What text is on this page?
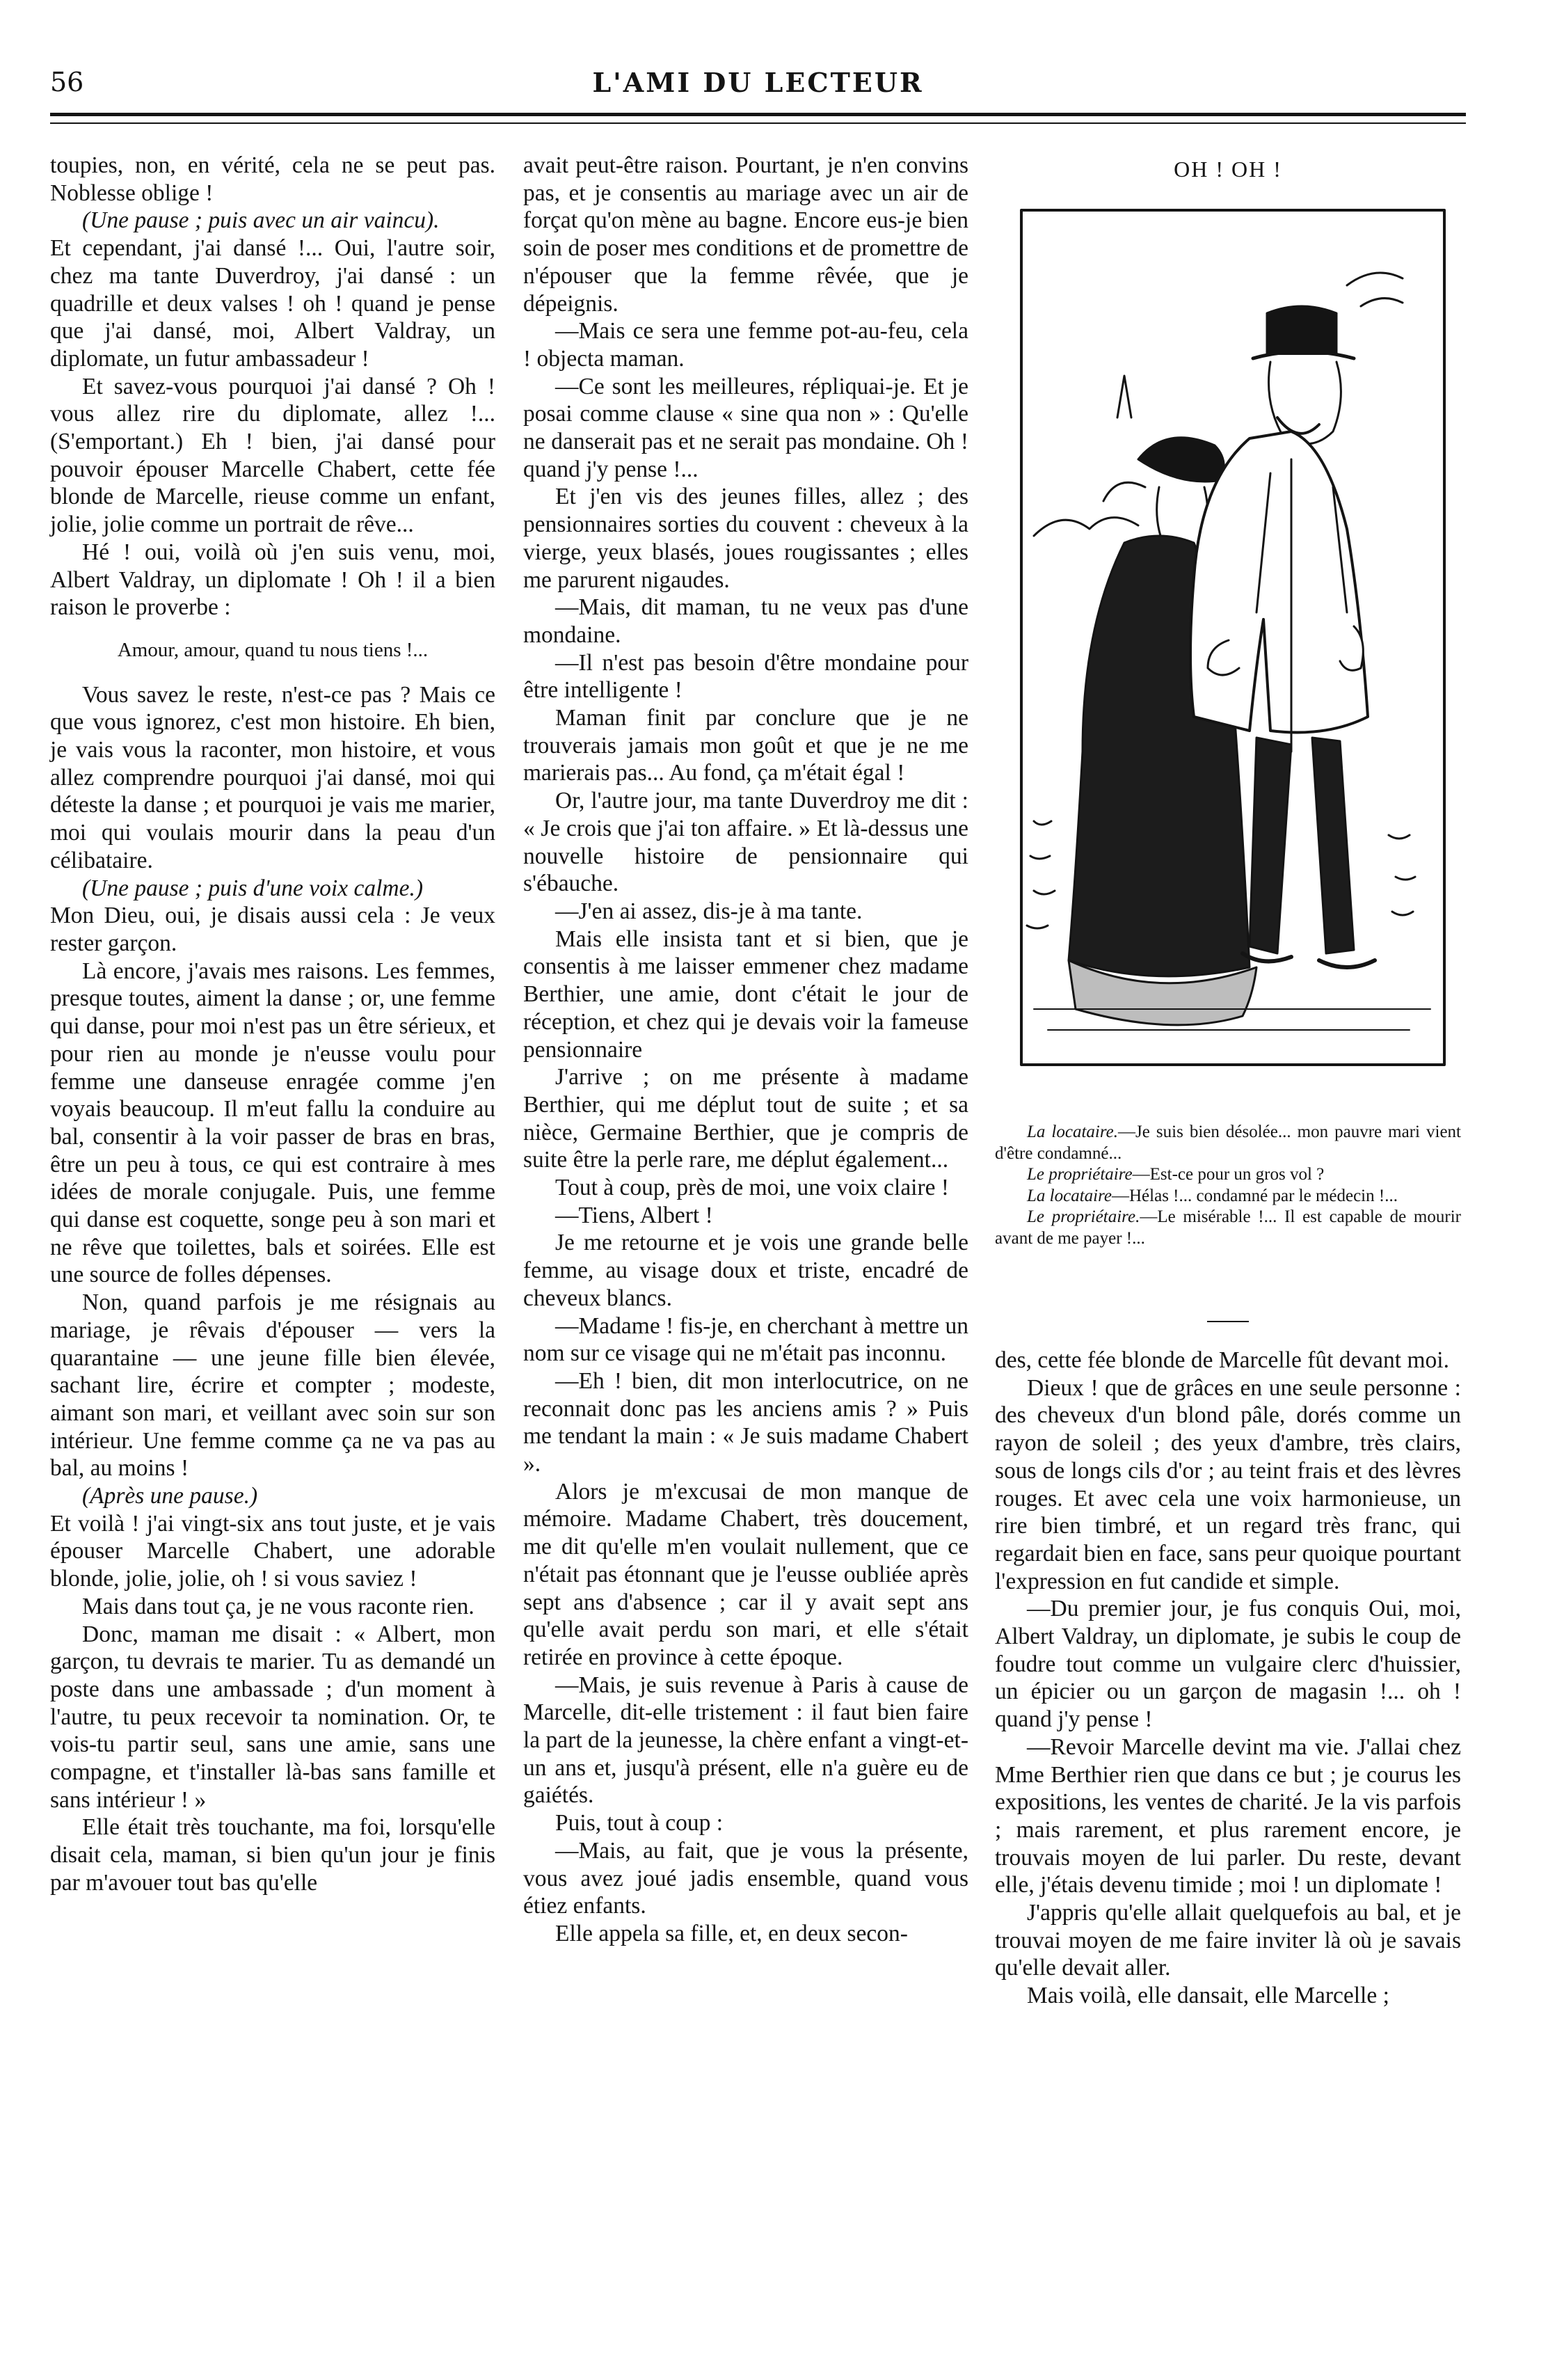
56	L'AMI DU LECTEUR

toupies, non, en vérité, cela ne se peut pas. Noblesse oblige !

(Une pause ; puis avec un air vaincu).

Et cependant, j'ai dansé !... Oui, l'autre soir, chez ma tante Duverdroy, j'ai dansé : un quadrille et deux valses ! oh ! quand je pense que j'ai dansé, moi, Albert Valdray, un diplomate, un futur ambassadeur !

Et savez-vous pourquoi j'ai dansé ? Oh ! vous allez rire du diplomate, allez !... (S'emportant.) Eh ! bien, j'ai dansé pour pouvoir épouser Marcelle Chabert, cette fée blonde de Marcelle, rieuse comme un enfant, jolie, jolie comme un portrait de rêve...

Hé ! oui, voilà où j'en suis venu, moi, Albert Valdray, un diplomate ! Oh ! il a bien raison le proverbe :

Amour, amour, quand tu nous tiens !...

Vous savez le reste, n'est-ce pas ? Mais ce que vous ignorez, c'est mon histoire. Eh bien, je vais vous la raconter, mon histoire, et vous allez comprendre pourquoi j'ai dansé, moi qui déteste la danse ; et pourquoi je vais me marier, moi qui voulais mourir dans la peau d'un célibataire.

(Une pause ; puis d'une voix calme.)

Mon Dieu, oui, je disais aussi cela : Je veux rester garçon.

Là encore, j'avais mes raisons. Les femmes, presque toutes, aiment la danse ; or, une femme qui danse, pour moi n'est pas un être sérieux, et pour rien au monde je n'eusse voulu pour femme une danseuse enragée comme j'en voyais beaucoup. Il m'eut fallu la conduire au bal, consentir à la voir passer de bras en bras, être un peu à tous, ce qui est contraire à mes idées de morale conjugale. Puis, une femme qui danse est coquette, songe peu à son mari et ne rêve que toilettes, bals et soirées. Elle est une source de folles dépenses.

Non, quand parfois je me résignais au mariage, je rêvais d'épouser — vers la quarantaine — une jeune fille bien élevée, sachant lire, écrire et compter ; modeste, aimant son mari, et veillant avec soin sur son intérieur. Une femme comme ça ne va pas au bal, au moins !

(Après une pause.)

Et voilà ! j'ai vingt-six ans tout juste, et je vais épouser Marcelle Chabert, une adorable blonde, jolie, jolie, oh ! si vous saviez !

Mais dans tout ça, je ne vous raconte rien.

Donc, maman me disait : « Albert, mon garçon, tu devrais te marier. Tu as demandé un poste dans une ambassade ; d'un moment à l'autre, tu peux recevoir ta nomination. Or, te vois-tu partir seul, sans une amie, sans une compagne, et t'installer là-bas sans famille et sans intérieur ! »

Elle était très touchante, ma foi, lorsqu'elle disait cela, maman, si bien qu'un jour je finis par m'avouer tout bas qu'elle

avait peut-être raison. Pourtant, je n'en convins pas, et je consentis au mariage avec un air de forçat qu'on mène au bagne. Encore eus-je bien soin de poser mes conditions et de promettre de n'épouser que la femme rêvée, que je dépeignis.

—Mais ce sera une femme pot-au-feu, cela ! objecta maman.

—Ce sont les meilleures, répliquai-je. Et je posai comme clause « sine qua non » : Qu'elle ne danserait pas et ne serait pas mondaine. Oh ! quand j'y pense !...

Et j'en vis des jeunes filles, allez ; des pensionnaires sorties du couvent : cheveux à la vierge, yeux blasés, joues rougissantes ; elles me parurent nigaudes.

—Mais, dit maman, tu ne veux pas d'une mondaine.

—Il n'est pas besoin d'être mondaine pour être intelligente !

Maman finit par conclure que je ne trouverais jamais mon goût et que je ne me marierais pas... Au fond, ça m'était égal !

Or, l'autre jour, ma tante Duverdroy me dit : « Je crois que j'ai ton affaire. » Et là-dessus une nouvelle histoire de pensionnaire qui s'ébauche.

—J'en ai assez, dis-je à ma tante.

Mais elle insista tant et si bien, que je consentis à me laisser emmener chez madame Berthier, une amie, dont c'était le jour de réception, et chez qui je devais voir la fameuse pensionnaire

J'arrive ; on me présente à madame Berthier, qui me déplut tout de suite ; et sa nièce, Germaine Berthier, que je compris de suite être la perle rare, me déplut également...

Tout à coup, près de moi, une voix claire !

—Tiens, Albert !

Je me retourne et je vois une grande belle femme, au visage doux et triste, encadré de cheveux blancs.

—Madame ! fis-je, en cherchant à mettre un nom sur ce visage qui ne m'était pas inconnu.

—Eh ! bien, dit mon interlocutrice, on ne reconnait donc pas les anciens amis ? » Puis me tendant la main : « Je suis madame Chabert ».

Alors je m'excusai de mon manque de mémoire. Madame Chabert, très doucement, me dit qu'elle m'en voulait nullement, que ce n'était pas étonnant que je l'eusse oubliée après sept ans d'absence ; car il y avait sept ans qu'elle avait perdu son mari, et elle s'était retirée en province à cette époque.

—Mais, je suis revenue à Paris à cause de Marcelle, dit-elle tristement : il faut bien faire la part de la jeunesse, la chère enfant a vingt-et-un ans et, jusqu'à présent, elle n'a guère eu de gaiétés.

Puis, tout à coup :

—Mais, au fait, que je vous la présente, vous avez joué jadis ensemble, quand vous étiez enfants.

Elle appela sa fille, et, en deux secon-

OH ! OH !

La locataire.—Je suis bien désolée... mon pauvre mari vient d'être condamné...

Le propriétaire—Est-ce pour un gros vol ?

La locataire—Hélas !... condamné par le médecin !...

Le propriétaire.—Le misérable !... Il est capable de mourir avant de me payer !...

des, cette fée blonde de Marcelle fût devant moi.

Dieux ! que de grâces en une seule personne : des cheveux d'un blond pâle, dorés comme un rayon de soleil ; des yeux d'ambre, très clairs, sous de longs cils d'or ; au teint frais et des lèvres rouges. Et avec cela une voix harmonieuse, un rire bien timbré, et un regard très franc, qui regardait bien en face, sans peur quoique pourtant l'expression en fut candide et simple.

—Du premier jour, je fus conquis Oui, moi, Albert Valdray, un diplomate, je subis le coup de foudre tout comme un vulgaire clerc d'huissier, un épicier ou un garçon de magasin !... oh ! quand j'y pense !

—Revoir Marcelle devint ma vie. J'allai chez Mme Berthier rien que dans ce but ; je courus les expositions, les ventes de charité. Je la vis parfois ; mais rarement, et plus rarement encore, je trouvais moyen de lui parler. Du reste, devant elle, j'étais devenu timide ; moi ! un diplomate !

J'appris qu'elle allait quelquefois au bal, et je trouvai moyen de me faire inviter là où je savais qu'elle devait aller.

Mais voilà, elle dansait, elle Marcelle ;
